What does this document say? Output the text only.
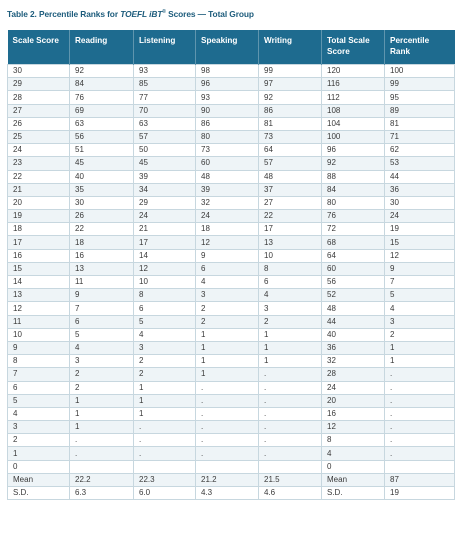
Table 2. Percentile Ranks for TOEFL iBT® Scores — Total Group
Scale Score	Reading	Listening	Speaking	Writing	Total Scale Score	Percentile Rank
30	92	93	98	99	120	100
29	84	85	96	97	116	99
28	76	77	93	92	112	95
27	69	70	90	86	108	89
26	63	63	86	81	104	81
25	56	57	80	73	100	71
24	51	50	73	64	96	62
23	45	45	60	57	92	53
22	40	39	48	48	88	44
21	35	34	39	37	84	36
20	30	29	32	27	80	30
19	26	24	24	22	76	24
18	22	21	18	17	72	19
17	18	17	12	13	68	15
16	16	14	9	10	64	12
15	13	12	6	8	60	9
14	11	10	4	6	56	7
13	9	8	3	4	52	5
12	7	6	2	3	48	4
11	6	5	2	2	44	3
10	5	4	1	1	40	2
9	4	3	1	1	36	1
8	3	2	1	1	32	1
7	2	2	1	.	28	.
6	2	1	.	.	24	.
5	1	1	.	.	20	.
4	1	1	.	.	16	.
3	1	.	.	.	12	.
2	.	.	.	.	8	.
1	.	.	.	.	4	.
0					0	
Mean	22.2	22.3	21.2	21.5	Mean	87
S.D.	6.3	6.0	4.3	4.6	S.D.	19
